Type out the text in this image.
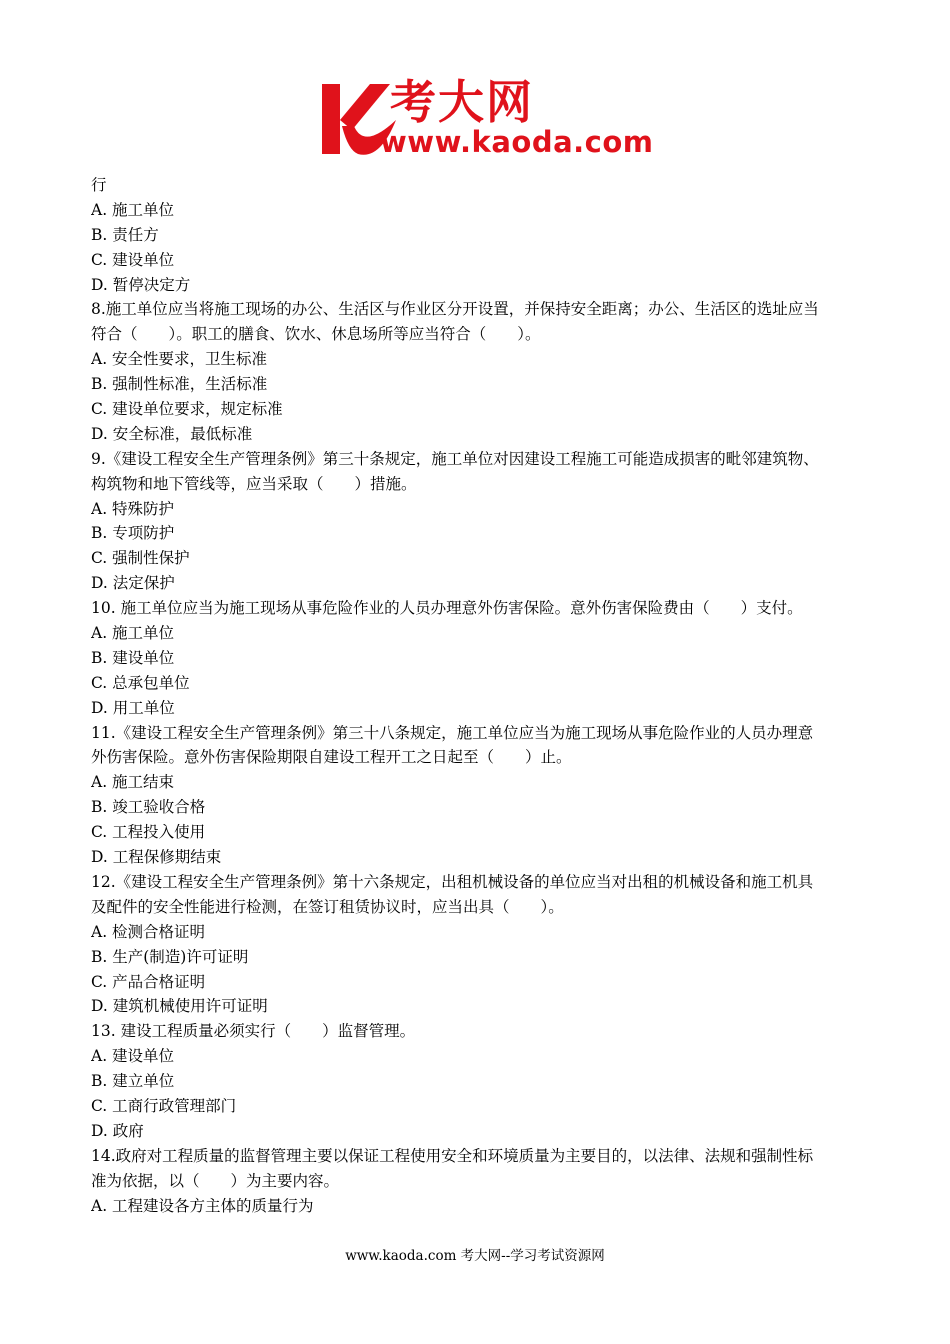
考大网
www.kaoda.com
行
A. 施工单位
B. 责任方
C. 建设单位
D. 暂停决定方
8.施工单位应当将施工现场的办公、生活区与作业区分开设置，并保持安全距离；办公、生活区的选址应当
符合（　　）。职工的膳食、饮水、休息场所等应当符合（　　）。
A. 安全性要求，卫生标准
B. 强制性标准，生活标准
C. 建设单位要求，规定标准
D. 安全标准，最低标准
9.《建设工程安全生产管理条例》第三十条规定，施工单位对因建设工程施工可能造成损害的毗邻建筑物、
构筑物和地下管线等，应当采取（　　）措施。
A. 特殊防护
B. 专项防护
C. 强制性保护
D. 法定保护
10. 施工单位应当为施工现场从事危险作业的人员办理意外伤害保险。意外伤害保险费由（　　）支付。
A. 施工单位
B. 建设单位
C. 总承包单位
D. 用工单位
11.《建设工程安全生产管理条例》第三十八条规定，施工单位应当为施工现场从事危险作业的人员办理意
外伤害保险。意外伤害保险期限自建设工程开工之日起至（　　）止。
A. 施工结束
B. 竣工验收合格
C. 工程投入使用
D. 工程保修期结束
12.《建设工程安全生产管理条例》第十六条规定，出租机械设备的单位应当对出租的机械设备和施工机具
及配件的安全性能进行检测，在签订租赁协议时，应当出具（　　）。
A. 检测合格证明
B. 生产(制造)许可证明
C. 产品合格证明
D. 建筑机械使用许可证明
13. 建设工程质量必须实行（　　）监督管理。
A. 建设单位
B. 建立单位
C. 工商行政管理部门
D. 政府
14.政府对工程质量的监督管理主要以保证工程使用安全和环境质量为主要目的，以法律、法规和强制性标
准为依据，以（　　）为主要内容。
A. 工程建设各方主体的质量行为
www.kaoda.com 考大网--学习考试资源网
